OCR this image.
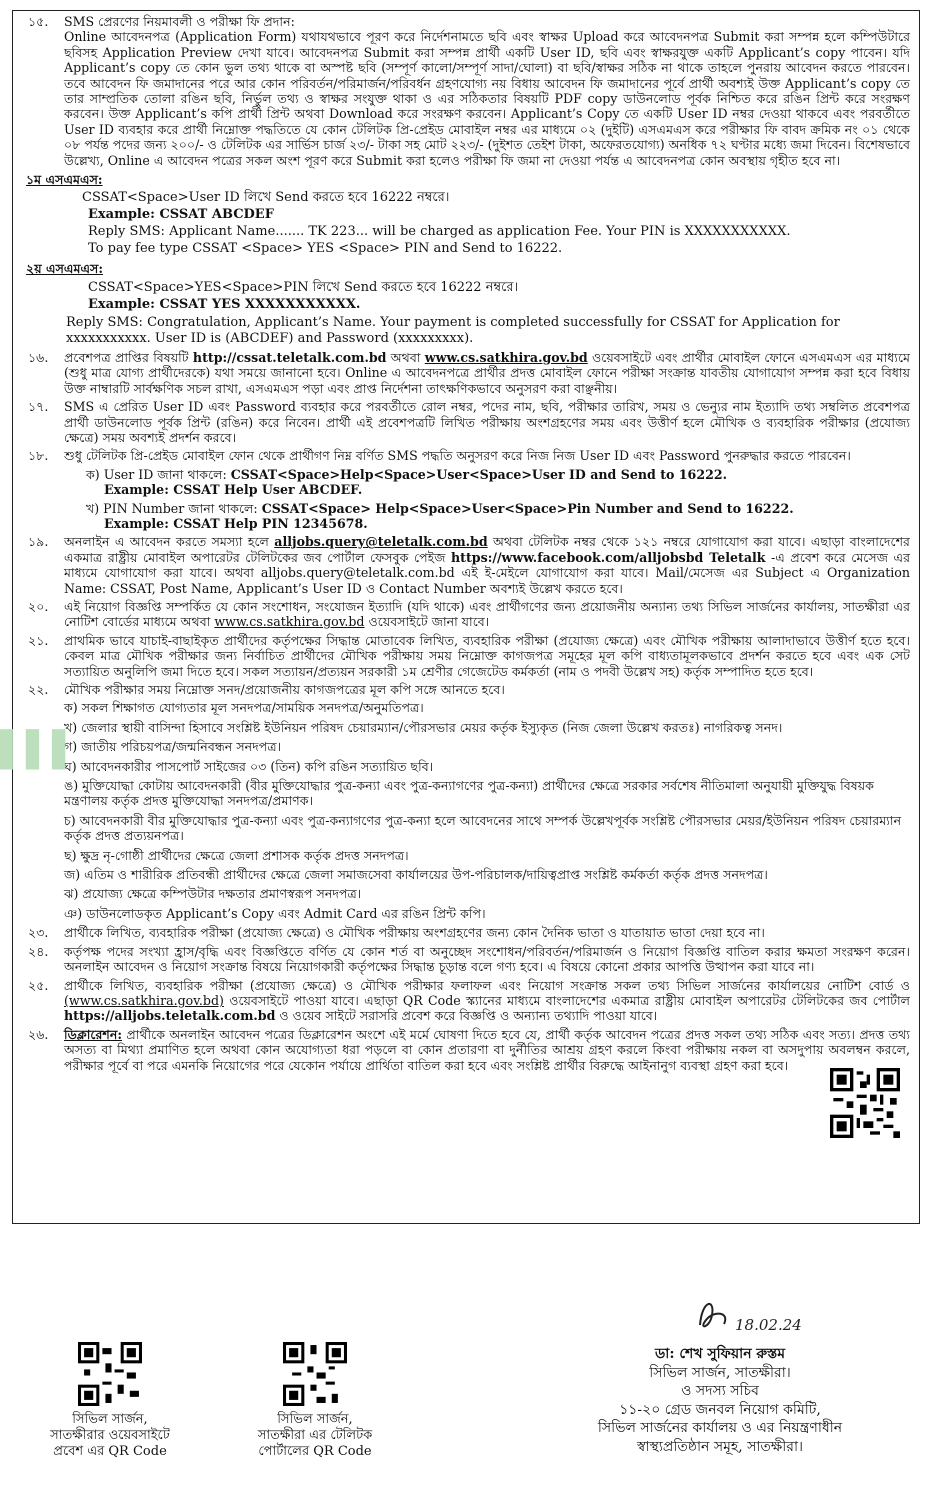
১৫.	SMS প্রেরণের নিয়মাবলী ও পরীক্ষা ফি প্রদান:
Online আবেদনপত্র (Application Form) যথাযথভাবে পূরণ করে নির্দেশনামতে ছবি এবং স্বাক্ষর Upload করে আবেদনপত্র Submit করা সম্পন্ন হলে কম্পিউটারে ছবিসহ Application Preview দেখা যাবে। আবেদনপত্র Submit করা সম্পন্ন প্রার্থী একটি User ID, ছবি এবং স্বাক্ষরযুক্ত একটি Applicant’s copy পাবেন। যদি Applicant’s copy তে কোন ভুল তথ্য থাকে বা অস্পষ্ট ছবি (সম্পূর্ণ কালো/সম্পূর্ণ সাদা/ঘোলা) বা ছবি/স্বাক্ষর সঠিক না থাকে তাহলে পুনরায় আবেদন করতে পারবেন। তবে আবেদন ফি জমাদানের পরে আর কোন পরিবর্তন/পরিমার্জন/পরিবর্ধন গ্রহণযোগ্য নয় বিধায় আবেদন ফি জমাদানের পূর্বে প্রার্থী অবশ্যই উক্ত Applicant’s copy তে তার সাম্প্রতিক তোলা রঙিন ছবি, নির্ভুল তথ্য ও স্বাক্ষর সংযুক্ত থাকা ও এর সঠিকতার বিষয়টি PDF copy ডাউনলোড পূর্বক নিশ্চিত করে রঙিন প্রিন্ট করে সংরক্ষণ করবেন। উক্ত Applicant’s কপি প্রার্থী প্রিন্ট অথবা Download করে সংরক্ষণ করবেন। Applicant’s Copy তে একটি User ID নম্বর দেওয়া থাকবে এবং পরবর্তীতে User ID ব্যবহার করে প্রার্থী নিম্নোক্ত পদ্ধতিতে যে কোন টেলিটক প্রি-প্রেইড মোবাইল নম্বর এর মাধ্যমে ০২ (দুইটি) এসএমএস করে পরীক্ষার ফি বাবদ ক্রমিক নং ০১ থেকে ০৮ পর্যন্ত পদের জন্য ২০০/- ও টেলিটক এর সার্ভিস চার্জ ২৩/- টাকা সহ মোট ২২৩/- (দুইশত তেইশ টাকা, অফেরতযোগ্য) অনধিক ৭২ ঘণ্টার মধ্যে জমা দিবেন। বিশেষভাবে উল্লেখ্য, Online এ আবেদন পত্রের সকল অংশ পূরণ করে Submit করা হলেও পরীক্ষা ফি জমা না দেওয়া পর্যন্ত এ আবেদনপত্র কোন অবস্থায় গৃহীত হবে না।
১ম এসএমএস:
CSSAT<Space>User ID লিখে Send করতে হবে 16222 নম্বরে।
Example: CSSAT ABCDEF
Reply SMS: Applicant Name....... TK 223... will be charged as application Fee. Your PIN is XXXXXXXXXXX.
To pay fee type CSSAT <Space> YES <Space> PIN and Send to 16222.
২য় এসএমএস:
CSSAT<Space>YES<Space>PIN লিখে Send করতে হবে 16222 নম্বরে।
Example: CSSAT YES XXXXXXXXXXX.
Reply SMS: Congratulation, Applicant’s Name. Your payment is completed successfully for CSSAT for Application for xxxxxxxxxxx. User ID is (ABCDEF) and Password (xxxxxxxxx).
১৬.	প্রবেশপত্র প্রাপ্তির বিষয়টি http://cssat.teletalk.com.bd অথবা www.cs.satkhira.gov.bd ওয়েবসাইটে এবং প্রার্থীর মোবাইল ফোনে এসএমএস এর মাধ্যমে (শুধু মাত্র যোগ্য প্রার্থীদেরকে) যথা সময়ে জানানো হবে। Online এ আবেদনপত্রে প্রার্থীর প্রদত্ত মোবাইল ফোনে পরীক্ষা সংক্রান্ত যাবতীয় যোগাযোগ সম্পন্ন করা হবে বিধায় উক্ত নাম্বারটি সার্বক্ষণিক সচল রাখা, এসএমএস পড়া এবং প্রাপ্ত নির্দেশনা তাৎক্ষণিকভাবে অনুসরণ করা বাঞ্ছনীয়।
১৭.	SMS এ প্রেরিত User ID এবং Password ব্যবহার করে পরবর্তীতে রোল নম্বর, পদের নাম, ছবি, পরীক্ষার তারিখ, সময় ও ভেন্যুর নাম ইত্যাদি তথ্য সম্বলিত প্রবেশপত্র প্রার্থী ডাউনলোড পূর্বক প্রিন্ট (রঙিন) করে নিবেন। প্রার্থী এই প্রবেশপত্রটি লিখিত পরীক্ষায় অংশগ্রহণের সময় এবং উত্তীর্ণ হলে মৌখিক ও ব্যবহারিক পরীক্ষার (প্রযোজ্য ক্ষেত্রে) সময় অবশ্যই প্রদর্শন করবে।
১৮.	শুধু টেলিটক প্রি-প্রেইড মোবাইল ফোন থেকে প্রার্থীগণ নিম্ন বর্ণিত SMS পদ্ধতি অনুসরণ করে নিজ নিজ User ID এবং Password পুনরুদ্ধার করতে পারবেন।
ক) User ID জানা থাকলে: CSSAT<Space>Help<Space>User<Space>User ID and Send to 16222.
Example: CSSAT Help User ABCDEF.
খ) PIN Number জানা থাকলে: CSSAT<Space> Help<Space>User<Space>Pin Number and Send to 16222.
Example: CSSAT Help PIN 12345678.
১৯.	অনলাইন এ আবেদন করতে সমস্যা হলে alljobs.query@teletalk.com.bd অথবা টেলিটক নম্বর থেকে ১২১ নম্বরে যোগাযোগ করা যাবে। এছাড়া বাংলাদেশের একমাত্র রাষ্ট্রীয় মোবাইল অপারেটর টেলিটকের জব পোর্টাল ফেসবুক পেইজ https://www.facebook.com/alljobsbd Teletalk -এ প্রবেশ করে মেসেজ এর মাধ্যমে যোগাযোগ করা যাবে। অথবা alljobs.query@teletalk.com.bd এই ই-মেইলে যোগাযোগ করা যাবে। Mail/মেসেজ এর Subject এ Organization Name: CSSAT, Post Name, Applicant’s User ID ও Contact Number অবশ্যই উল্লেখ করতে হবে।
২০.	এই নিয়োগ বিজ্ঞপ্তি সম্পর্কিত যে কোন সংশোধন, সংযোজন ইত্যাদি (যদি থাকে) এবং প্রার্থীগণের জন্য প্রয়োজনীয় অন্যান্য তথ্য সিভিল সার্জনের কার্যালয়, সাতক্ষীরা এর নোটিশ বোর্ডের মাধ্যমে অথবা www.cs.satkhira.gov.bd ওয়েবসাইটে জানা যাবে।
২১.	প্রাথমিক ভাবে যাচাই-বাছাইকৃত প্রার্থীদের কর্তৃপক্ষের সিদ্ধান্ত মোতাবেক লিখিত, ব্যবহারিক পরীক্ষা (প্রযোজ্য ক্ষেত্রে) এবং মৌখিক পরীক্ষায় আলাদাভাবে উত্তীর্ণ হতে হবে। কেবল মাত্র মৌখিক পরীক্ষার জন্য নির্বাচিত প্রার্থীদের মৌখিক পরীক্ষায় সময় নিম্নোক্ত কাগজপত্র সমূহের মূল কপি বাধ্যতামূলকভাবে প্রদর্শন করতে হবে এবং এক সেট সত্যায়িত অনুলিপি জমা দিতে হবে। সকল সত্যায়ন/প্রত্যয়ন সরকারী ১ম শ্রেণীর গেজেটেড কর্মকর্তা (নাম ও পদবী উল্লেখ সহ) কর্তৃক সম্পাদিত হতে হবে।
২২.	মৌখিক পরীক্ষার সময় নিম্নোক্ত সনদ/প্রয়োজনীয় কাগজপত্রের মূল কপি সঙ্গে আনতে হবে।
ক) সকল শিক্ষাগত যোগ্যতার মূল সনদপত্র/সাময়িক সনদপত্র/অনুমতিপত্র।
খ) জেলার স্থায়ী বাসিন্দা হিসাবে সংশ্লিষ্ট ইউনিয়ন পরিষদ চেয়ারম্যান/পৌরসভার মেয়র কর্তৃক ইস্যুকৃত (নিজ জেলা উল্লেখ করতঃ) নাগরিকত্ব সনদ।
গ) জাতীয় পরিচয়পত্র/জন্মনিবন্ধন সনদপত্র।
ঘ) আবেদনকারীর পাসপোর্ট সাইজের ০৩ (তিন) কপি রঙিন সত্যায়িত ছবি।
ঙ) মুক্তিযোদ্ধা কোটায় আবেদনকারী (বীর মুক্তিযোদ্ধার পুত্র-কন্যা এবং পুত্র-কন্যাগণের পুত্র-কন্যা) প্রার্থীদের ক্ষেত্রে সরকার সর্বশেষ নীতিমালা অনুযায়ী মুক্তিযুদ্ধ বিষয়ক মন্ত্রণালয় কর্তৃক প্রদত্ত মুক্তিযোদ্ধা সনদপত্র/প্রমাণক।
চ) আবেদনকারী বীর মুক্তিযোদ্ধার পুত্র-কন্যা এবং পুত্র-কন্যাগণের পুত্র-কন্যা হলে আবেদনের সাথে সম্পর্ক উল্লেখপূর্বক সংশ্লিষ্ট পৌরসভার মেয়র/ইউনিয়ন পরিষদ চেয়ারম্যান কর্তৃক প্রদত্ত প্রত্যয়নপত্র।
ছ) ক্ষুদ্র নৃ-গোষ্ঠী প্রার্থীদের ক্ষেত্রে জেলা প্রশাসক কর্তৃক প্রদত্ত সনদপত্র।
জ) এতিম ও শারীরিক প্রতিবন্ধী প্রার্থীদের ক্ষেত্রে জেলা সমাজসেবা কার্যালয়ের উপ-পরিচালক/দায়িত্বপ্রাপ্ত সংশ্লিষ্ট কর্মকর্তা কর্তৃক প্রদত্ত সনদপত্র।
ঝ) প্রযোজ্য ক্ষেত্রে কম্পিউটার দক্ষতার প্রমাণস্বরূপ সনদপত্র।
ঞ) ডাউনলোডকৃত Applicant’s Copy এবং Admit Card এর রঙিন প্রিন্ট কপি।
২৩.	প্রার্থীকে লিখিত, ব্যবহারিক পরীক্ষা (প্রযোজ্য ক্ষেত্রে) ও মৌখিক পরীক্ষায় অংশগ্রহণের জন্য কোন দৈনিক ভাতা ও যাতায়াত ভাতা দেয়া হবে না।
২৪.	কর্তৃপক্ষ পদের সংখ্যা হ্রাস/বৃদ্ধি এবং বিজ্ঞপ্তিতে বর্ণিত যে কোন শর্ত বা অনুচ্ছেদ সংশোধন/পরিবর্তন/পরিমার্জন ও নিয়োগ বিজ্ঞপ্তি বাতিল করার ক্ষমতা সংরক্ষণ করেন। অনলাইন আবেদন ও নিয়োগ সংক্রান্ত বিষয়ে নিয়োগকারী কর্তৃপক্ষের সিদ্ধান্ত চূড়ান্ত বলে গণ্য হবে। এ বিষয়ে কোনো প্রকার আপত্তি উত্থাপন করা যাবে না।
২৫.	প্রার্থীকে লিখিত, ব্যবহারিক পরীক্ষা (প্রযোজ্য ক্ষেত্রে) ও মৌখিক পরীক্ষার ফলাফল এবং নিয়োগ সংক্রান্ত সকল তথ্য সিভিল সার্জনের কার্যালয়ের নোটিশ বোর্ড ও (www.cs.satkhira.gov.bd) ওয়েবসাইটে পাওয়া যাবে। এছাড়া QR Code স্ক্যানের মাধ্যমে বাংলাদেশের একমাত্র রাষ্ট্রীয় মোবাইল অপারেটর টেলিটকের জব পোর্টাল https://alljobs.teletalk.com.bd ও ওয়েব সাইটে সরাসরি প্রবেশ করে বিজ্ঞপ্তি ও অন্যান্য তথ্যাদি পাওয়া যাবে।
২৬.	ডিক্লারেশন: প্রার্থীকে অনলাইন আবেদন পত্রের ডিক্লারেশন অংশে এই মর্মে ঘোষণা দিতে হবে যে, প্রার্থী কর্তৃক আবেদন পত্রের প্রদত্ত সকল তথ্য সঠিক এবং সত্য। প্রদত্ত তথ্য অসত্য বা মিথ্যা প্রমাণিত হলে অথবা কোন অযোগ্যতা ধরা পড়লে বা কোন প্রতারণা বা দুর্নীতির আশ্রয় গ্রহণ করলে কিংবা পরীক্ষায় নকল বা অসদুপায় অবলম্বন করলে, পরীক্ষার পূর্বে বা পরে এমনকি নিয়োগের পরে যেকোন পর্যায়ে প্রার্থিতা বাতিল করা হবে এবং সংশ্লিষ্ট প্রার্থীর বিরুদ্ধে আইনানুগ ব্যবস্থা গ্রহণ করা হবে।
▌▌▌
সিভিল সার্জন,
সাতক্ষীরার ওয়েবসাইটে
প্রবেশ এর QR Code
সিভিল সার্জন,
সাতক্ষীরা এর টেলিটক
পোর্টালের QR Code
18.02.24
ডা: শেখ সুফিয়ান রুস্তম
সিভিল সার্জন, সাতক্ষীরা।
ও সদস্য সচিব
১১-২০ গ্রেড জনবল নিয়োগ কমিটি,
সিভিল সার্জনের কার্যালয় ও এর নিয়ন্ত্রণাধীন
স্বাস্থ্যপ্রতিষ্ঠান সমূহ, সাতক্ষীরা।
